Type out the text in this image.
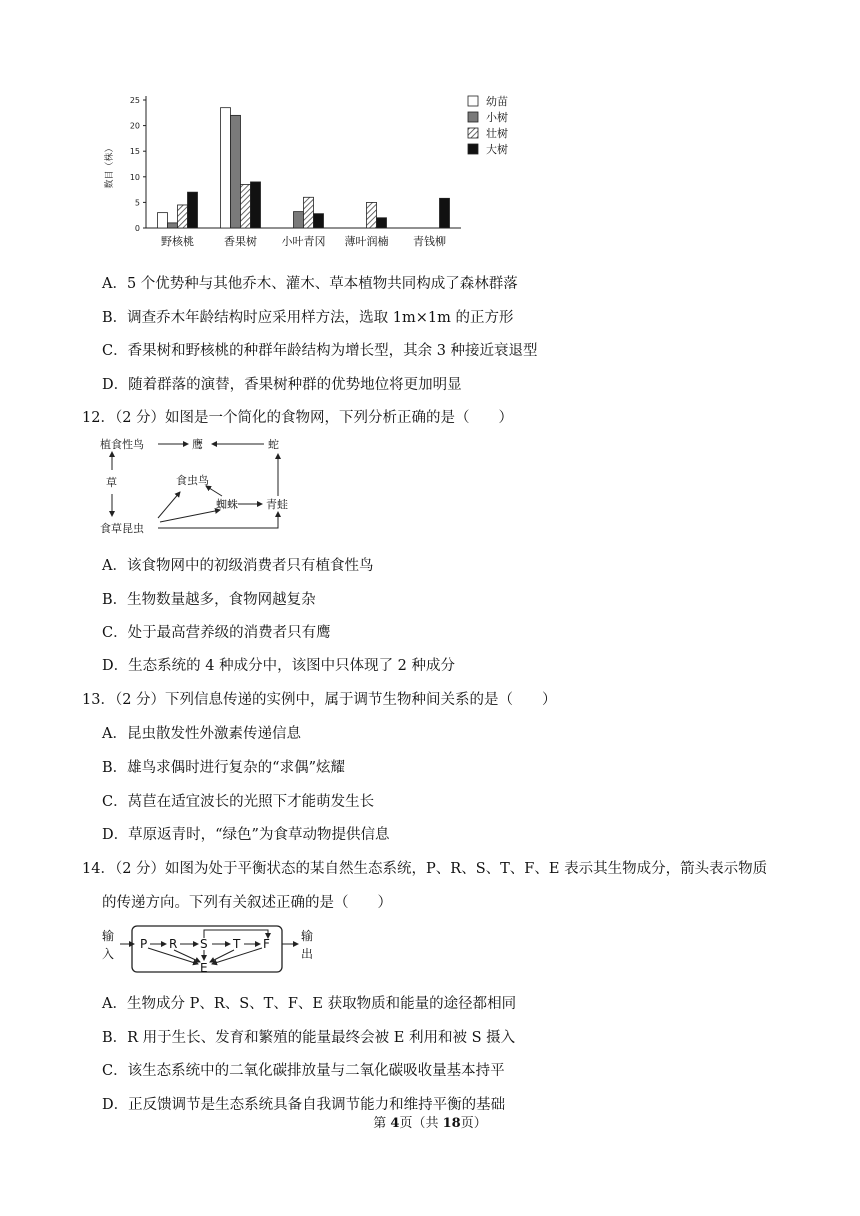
0
5
10
15
20
25
数目（株）
野核桃	香果树 小叶青冈 薄叶润楠 青钱柳
幼苗
小树
壮树
大树
A．5 个优势种与其他乔木、灌木、草本植物共同构成了森林群落
B．调查乔木年龄结构时应采用样方法，选取 1m×1m 的正方形
C．香果树和野核桃的种群年龄结构为增长型，其余 3 种接近衰退型
D．随着群落的演替，香果树种群的优势地位将更加明显
12．（2 分）如图是一个简化的食物网，下列分析正确的是（　　）
植食性鸟	鹰	蛇
草	食虫鸟
蜘蛛	青蛙
食草昆虫
A．该食物网中的初级消费者只有植食性鸟
B．生物数量越多，食物网越复杂
C．处于最高营养级的消费者只有鹰
D．生态系统的 4 种成分中，该图中只体现了 2 种成分
13．（2 分）下列信息传递的实例中，属于调节生物种间关系的是（　　）
A．昆虫散发性外激素传递信息
B．雄鸟求偶时进行复杂的“求偶”炫耀
C．莴苣在适宜波长的光照下才能萌发生长
D．草原返青时，“绿色”为食草动物提供信息
14．（2 分）如图为处于平衡状态的某自然生态系统，P、R、S、T、F、E 表示其生物成分，箭头表示物质
的传递方向。下列有关叙述正确的是（　　）
输
入
输
出
P R S T F
E
A．生物成分 P、R、S、T、F、E 获取物质和能量的途径都相同
B．R 用于生长、发育和繁殖的能量最终会被 E 利用和被 S 摄入
C．该生态系统中的二氧化碳排放量与二氧化碳吸收量基本持平
D．正反馈调节是生态系统具备自我调节能力和维持平衡的基础
第 4页（共 18页）
